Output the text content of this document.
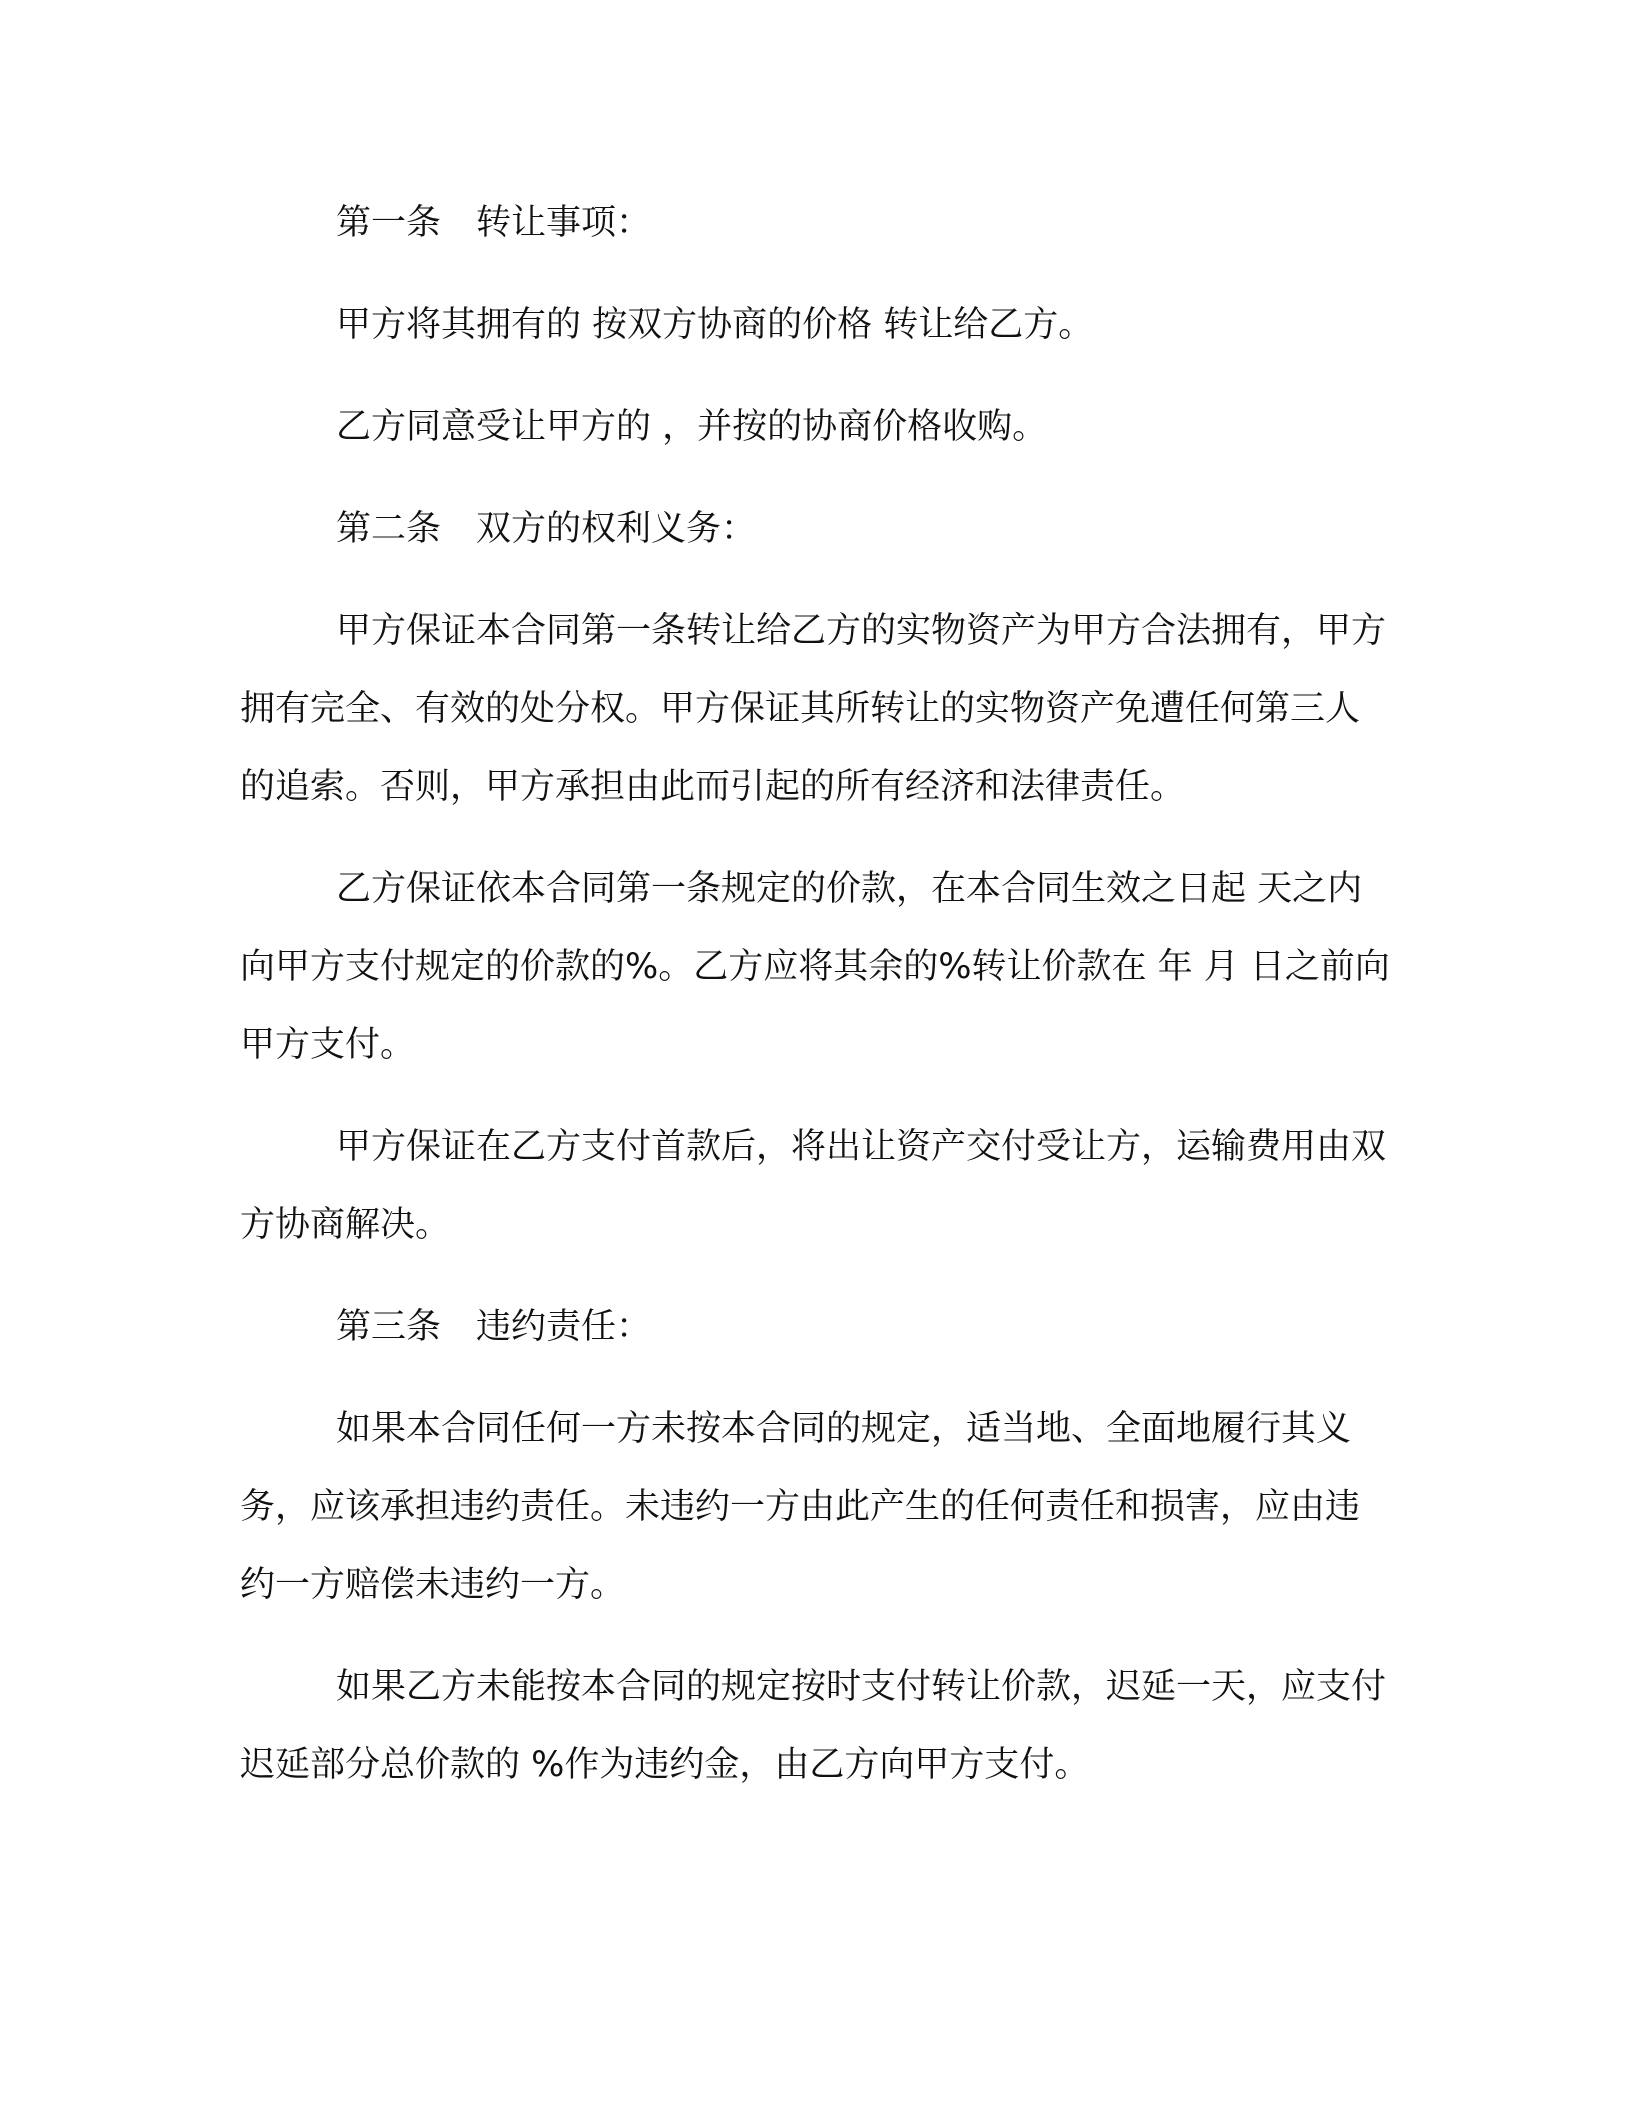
第一条　转让事项：

甲方将其拥有的 按双方协商的价格 转让给乙方。

乙方同意受让甲方的 ，并按的协商价格收购。

第二条　双方的权利义务：

甲方保证本合同第一条转让给乙方的实物资产为甲方合法拥有，甲方拥有完全、有效的处分权。甲方保证其所转让的实物资产免遭任何第三人的追索。否则，甲方承担由此而引起的所有经济和法律责任。

乙方保证依本合同第一条规定的价款，在本合同生效之日起 天之内向甲方支付规定的价款的%。乙方应将其余的%转让价款在 年 月 日之前向甲方支付。

甲方保证在乙方支付首款后，将出让资产交付受让方，运输费用由双方协商解决。

第三条　违约责任：

如果本合同任何一方未按本合同的规定，适当地、全面地履行其义务，应该承担违约责任。未违约一方由此产生的任何责任和损害，应由违约一方赔偿未违约一方。

如果乙方未能按本合同的规定按时支付转让价款，迟延一天，应支付迟延部分总价款的 %作为违约金，由乙方向甲方支付。
